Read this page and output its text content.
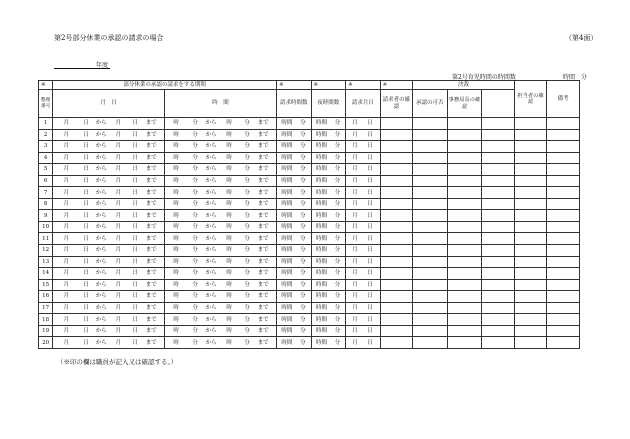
第2号部分休業の承認の請求の場合	（第4面）
年度
第2号育児時間の時間数	時間　分
※	部分休業の承認の請求をする期間		※	※	※	※	決裁			担当者の確認	備考
整理番号	月　日	時　間	請求時間数	夜時間数	請求月日	請求者の確認	承認の可否	事務局長の確認			
1	月 日 から 月 日 まで	時 分 から 時 分 まで	時間 分	時間 分	月 日						
2	月 日 から 月 日 まで	時 分 から 時 分 まで	時間 分	時間 分	月 日						
3	月 日 から 月 日 まで	時 分 から 時 分 まで	時間 分	時間 分	月 日						
4	月 日 から 月 日 まで	時 分 から 時 分 まで	時間 分	時間 分	月 日						
5	月 日 から 月 日 まで	時 分 から 時 分 まで	時間 分	時間 分	月 日						
6	月 日 から 月 日 まで	時 分 から 時 分 まで	時間 分	時間 分	月 日						
7	月 日 から 月 日 まで	時 分 から 時 分 まで	時間 分	時間 分	月 日						
8	月 日 から 月 日 まで	時 分 から 時 分 まで	時間 分	時間 分	月 日						
9	月 日 から 月 日 まで	時 分 から 時 分 まで	時間 分	時間 分	月 日						
10	月 日 から 月 日 まで	時 分 から 時 分 まで	時間 分	時間 分	月 日						
11	月 日 から 月 日 まで	時 分 から 時 分 まで	時間 分	時間 分	月 日						
12	月 日 から 月 日 まで	時 分 から 時 分 まで	時間 分	時間 分	月 日						
13	月 日 から 月 日 まで	時 分 から 時 分 まで	時間 分	時間 分	月 日						
14	月 日 から 月 日 まで	時 分 から 時 分 まで	時間 分	時間 分	月 日						
15	月 日 から 月 日 まで	時 分 から 時 分 まで	時間 分	時間 分	月 日						
16	月 日 から 月 日 まで	時 分 から 時 分 まで	時間 分	時間 分	月 日						
17	月 日 から 月 日 まで	時 分 から 時 分 まで	時間 分	時間 分	月 日						
18	月 日 から 月 日 まで	時 分 から 時 分 まで	時間 分	時間 分	月 日						
19	月 日 から 月 日 まで	時 分 から 時 分 まで	時間 分	時間 分	月 日						
20	月 日 から 月 日 まで	時 分 から 時 分 まで	時間 分	時間 分	月 日						
（※印の欄は職員が記入又は確認する。）
